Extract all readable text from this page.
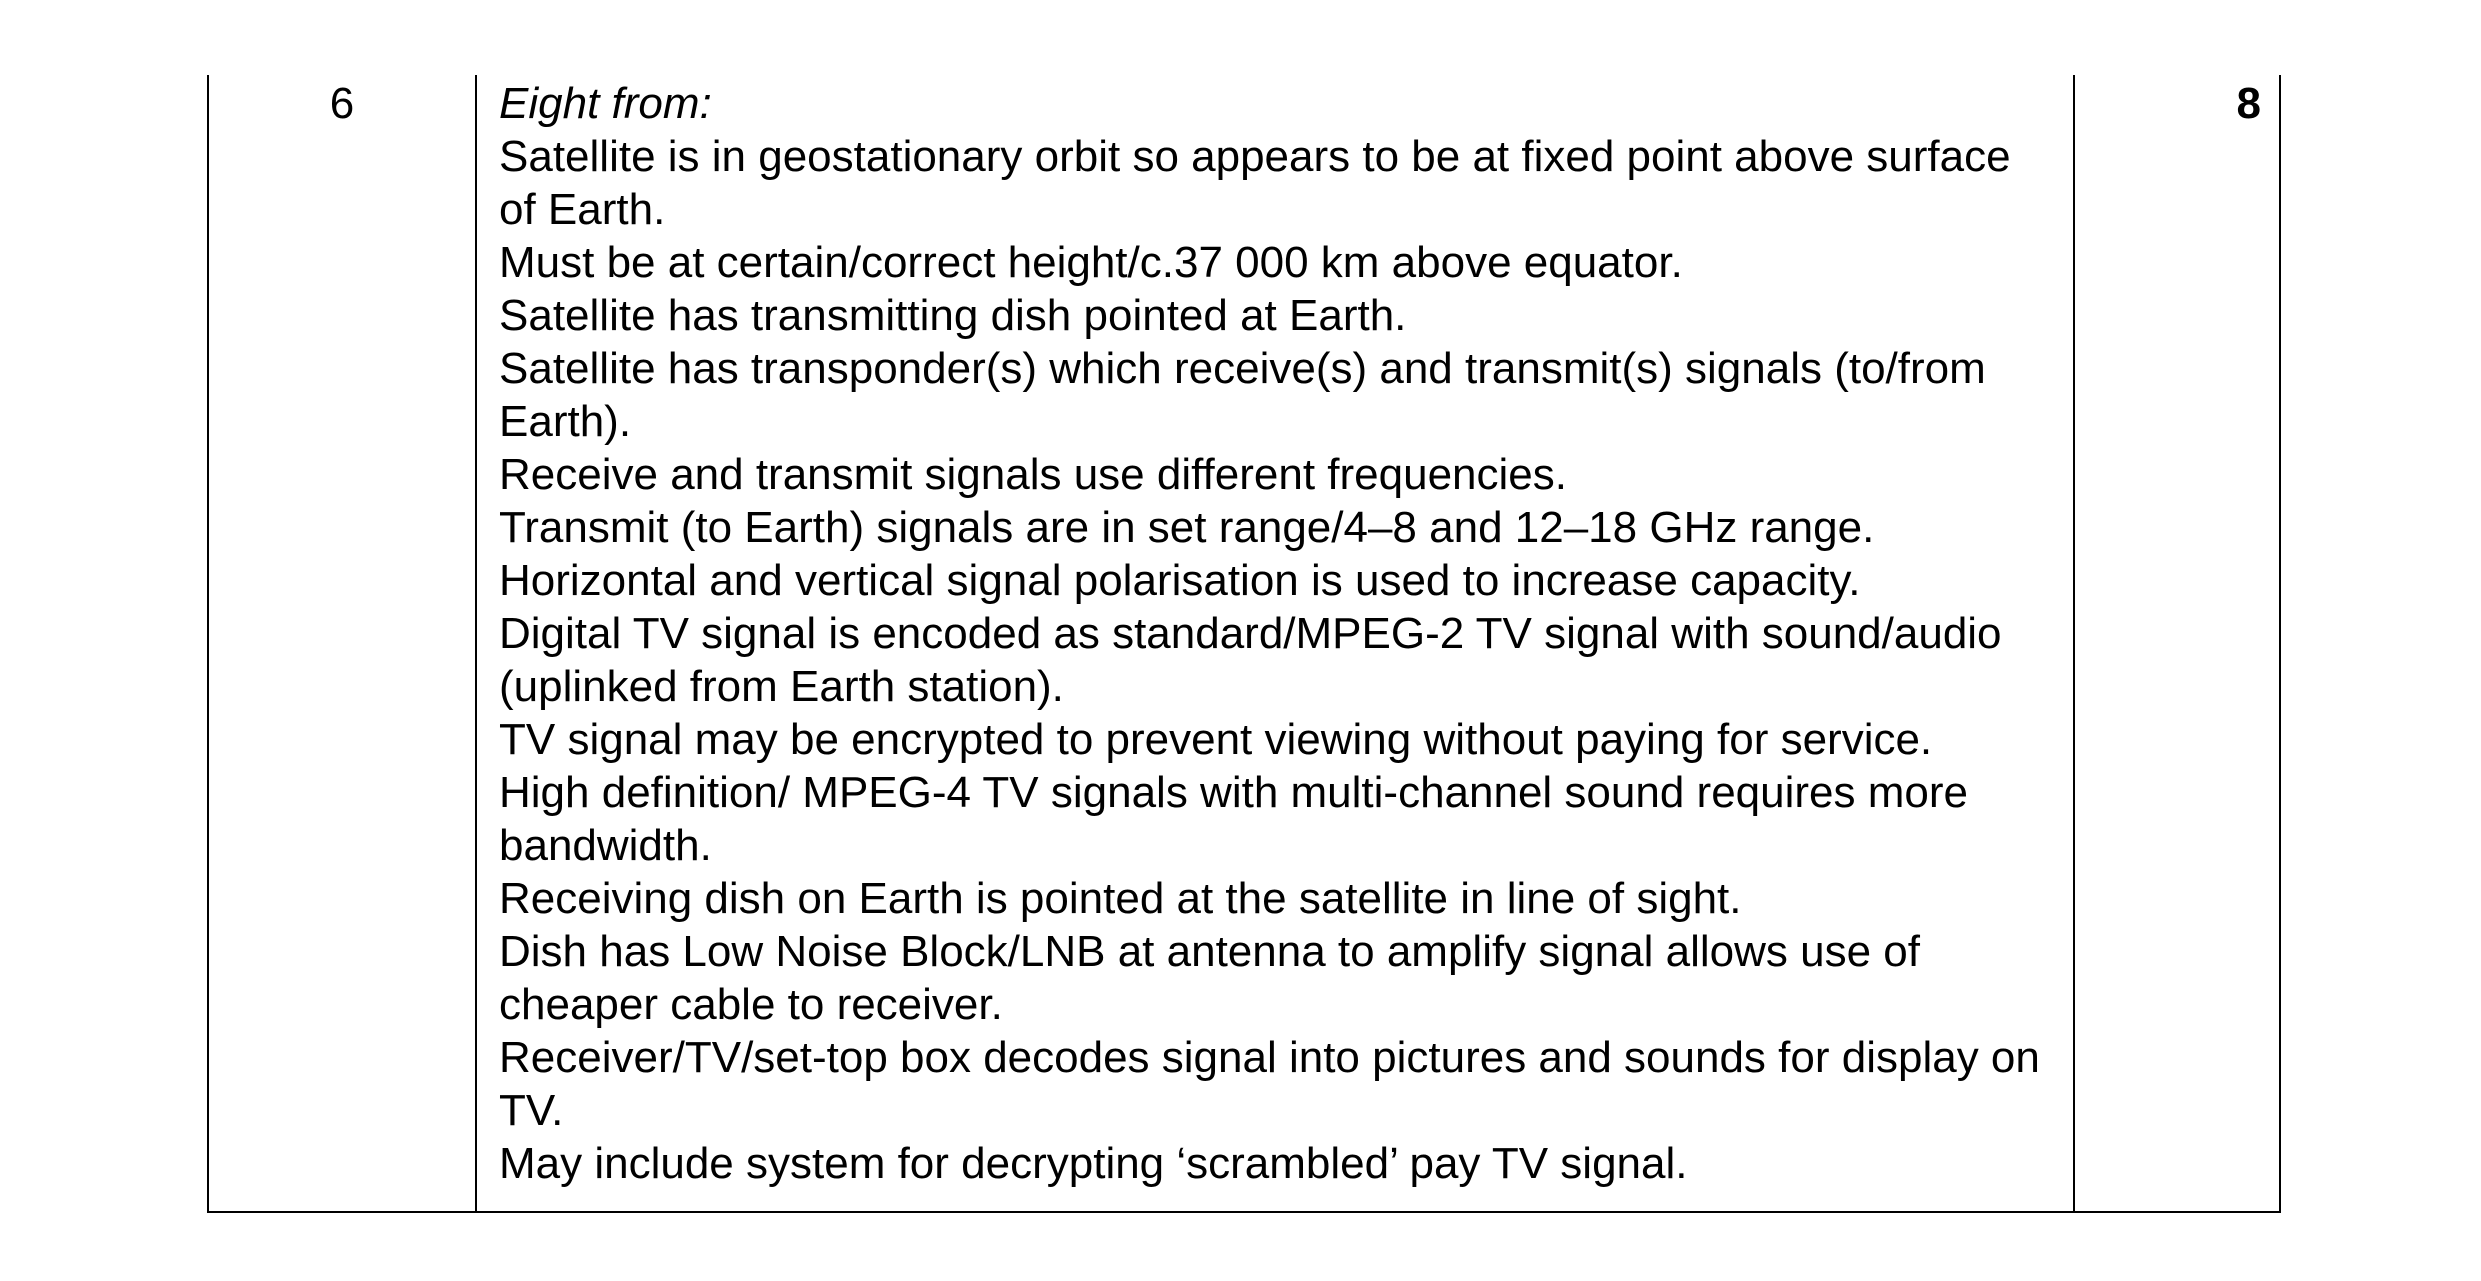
6	Eight from:
Satellite is in geostationary orbit so appears to be at fixed point above surface of Earth.
Must be at certain/correct height/c.37 000 km above equator.
Satellite has transmitting dish pointed at Earth.
Satellite has transponder(s) which receive(s) and transmit(s) signals (to/from Earth).
Receive and transmit signals use different frequencies.
Transmit (to Earth) signals are in set range/4–8 and 12–18 GHz range.
Horizontal and vertical signal polarisation is used to increase capacity.
Digital TV signal is encoded as standard/MPEG-2 TV signal with sound/audio (uplinked from Earth station).
TV signal may be encrypted to prevent viewing without paying for service.
High definition/ MPEG-4 TV signals with multi-channel sound requires more bandwidth.
Receiving dish on Earth is pointed at the satellite in line of sight.
Dish has Low Noise Block/LNB at antenna to amplify signal allows use of cheaper cable to receiver.
Receiver/TV/set-top box decodes signal into pictures and sounds for display on TV.
May include system for decrypting ‘scrambled’ pay TV signal.
8
